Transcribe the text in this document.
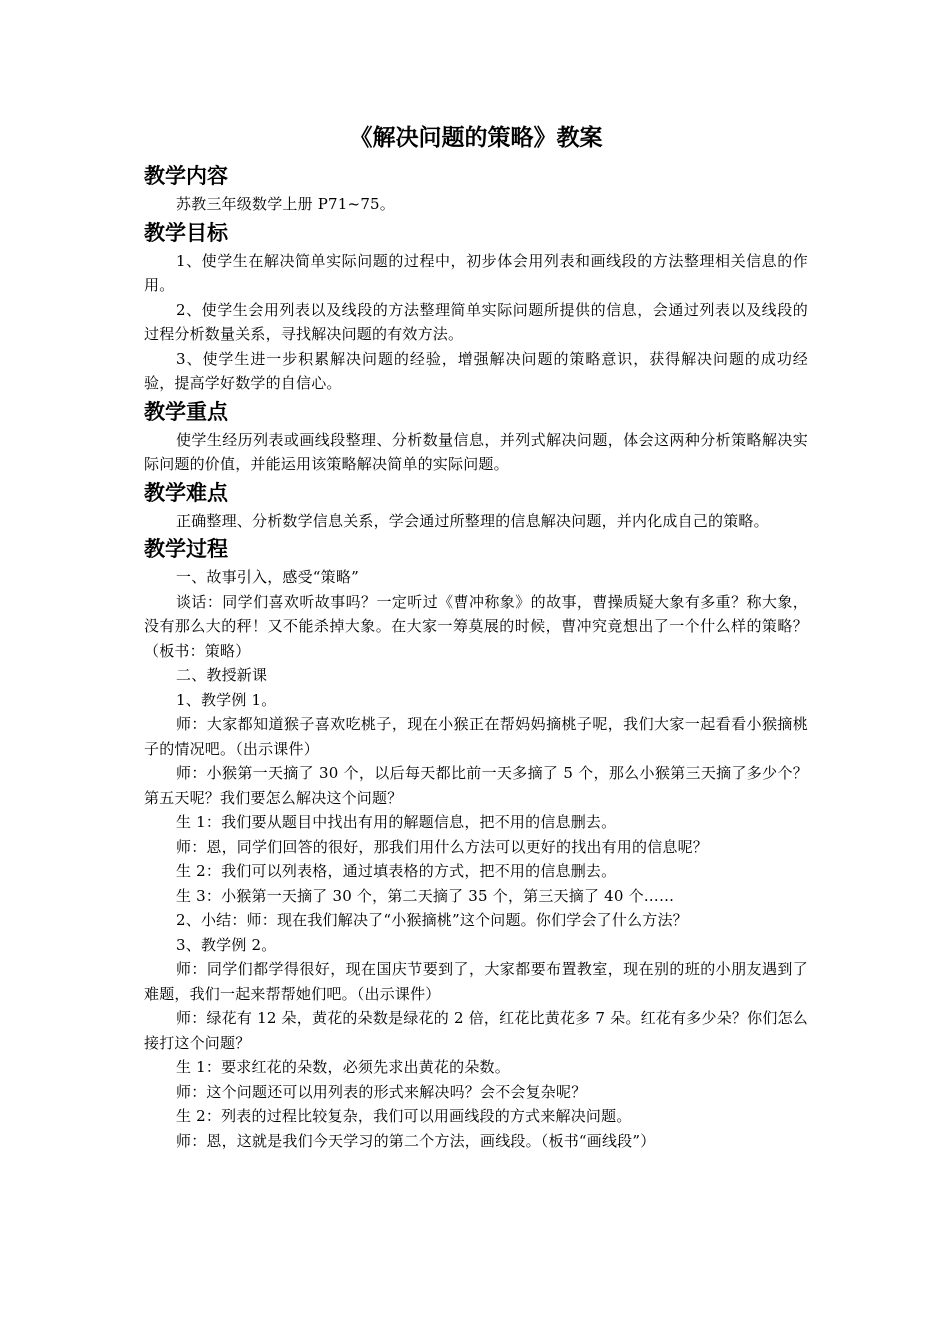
《解决问题的策略》教案
教学内容

苏教三年级数学上册 P71~75。

教学目标

1、使学生在解决简单实际问题的过程中，初步体会用列表和画线段的方法整理相关信息的作用。

2、使学生会用列表以及线段的方法整理简单实际问题所提供的信息，会通过列表以及线段的过程分析数量关系，寻找解决问题的有效方法。

3、使学生进一步积累解决问题的经验，增强解决问题的策略意识，获得解决问题的成功经验，提高学好数学的自信心。

教学重点

使学生经历列表或画线段整理、分析数量信息，并列式解决问题，体会这两种分析策略解决实际问题的价值，并能运用该策略解决简单的实际问题。

教学难点

正确整理、分析数学信息关系，学会通过所整理的信息解决问题，并内化成自己的策略。

教学过程

一、故事引入，感受“策略”

谈话：同学们喜欢听故事吗？一定听过《曹冲称象》的故事，曹操质疑大象有多重？称大象，没有那么大的秤！又不能杀掉大象。在大家一筹莫展的时候，曹冲究竟想出了一个什么样的策略？（板书：策略）

二、教授新课

1、教学例 1。

师：大家都知道猴子喜欢吃桃子，现在小猴正在帮妈妈摘桃子呢，我们大家一起看看小猴摘桃子的情况吧。（出示课件）

师：小猴第一天摘了 30 个，以后每天都比前一天多摘了 5 个，那么小猴第三天摘了多少个？第五天呢？我们要怎么解决这个问题？

生 1：我们要从题目中找出有用的解题信息，把不用的信息删去。

师：恩，同学们回答的很好，那我们用什么方法可以更好的找出有用的信息呢？

生 2：我们可以列表格，通过填表格的方式，把不用的信息删去。

生 3：小猴第一天摘了 30 个，第二天摘了 35 个，第三天摘了 40 个……

2、小结：师：现在我们解决了“小猴摘桃”这个问题。你们学会了什么方法？

3、教学例 2。

师：同学们都学得很好，现在国庆节要到了，大家都要布置教室，现在别的班的小朋友遇到了难题，我们一起来帮帮她们吧。（出示课件）

师：绿花有 12 朵，黄花的朵数是绿花的 2 倍，红花比黄花多 7 朵。红花有多少朵？你们怎么接打这个问题？

生 1：要求红花的朵数，必须先求出黄花的朵数。

师：这个问题还可以用列表的形式来解决吗？会不会复杂呢？

生 2：列表的过程比较复杂，我们可以用画线段的方式来解决问题。

师：恩，这就是我们今天学习的第二个方法，画线段。（板书“画线段”）
